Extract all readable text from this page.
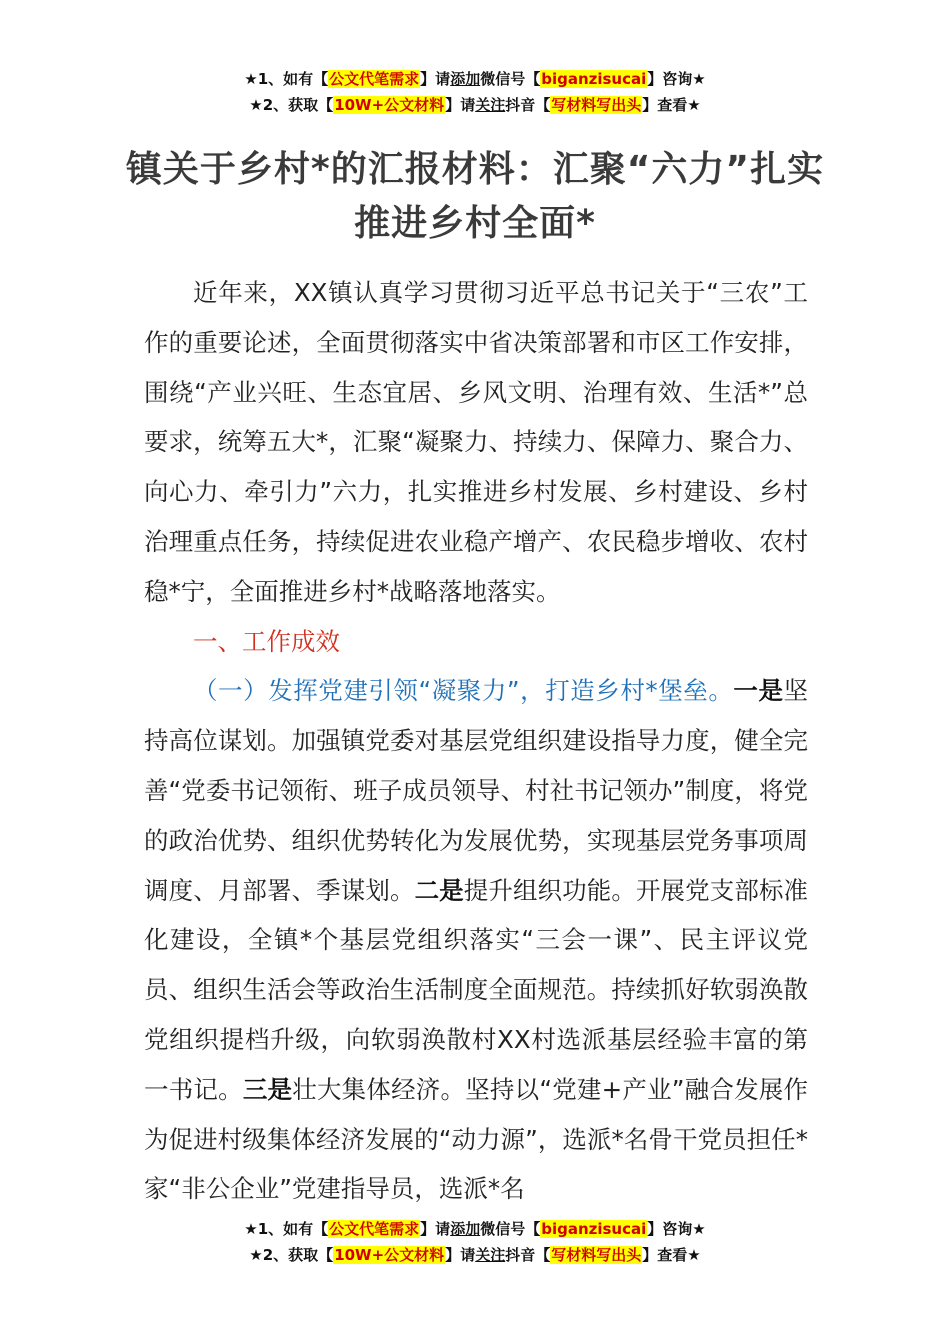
★1、如有【公文代笔需求】请添加微信号【biganzisucai】咨询★
★2、获取【10W+公文材料】请关注抖音【写材料写出头】查看★
镇关于乡村*的汇报材料：汇聚“六力”扎实推进乡村全面*

近年来，XX镇认真学习贯彻习近平总书记关于“三农”工作的重要论述，全面贯彻落实中省决策部署和市区工作安排，围绕“产业兴旺、生态宜居、乡风文明、治理有效、生活*”总要求，统筹五大*，汇聚“凝聚力、持续力、保障力、聚合力、向心力、牵引力”六力，扎实推进乡村发展、乡村建设、乡村治理重点任务，持续促进农业稳产增产、农民稳步增收、农村稳*宁，全面推进乡村*战略落地落实。

一、工作成效

（一）发挥党建引领“凝聚力”，打造乡村*堡垒。一是坚持高位谋划。加强镇党委对基层党组织建设指导力度，健全完善“党委书记领衔、班子成员领导、村社书记领办”制度，将党的政治优势、组织优势转化为发展优势，实现基层党务事项周调度、月部署、季谋划。二是提升组织功能。开展党支部标准化建设，全镇*个基层党组织落实“三会一课”、民主评议党员、组织生活会等政治生活制度全面规范。持续抓好软弱涣散党组织提档升级，向软弱涣散村XX村选派基层经验丰富的第一书记。三是壮大集体经济。坚持以“党建+产业”融合发展作为促进村级集体经济发展的“动力源”，选派*名骨干党员担任*家“非公企业”党建指导员，选派*名

★1、如有【公文代笔需求】请添加微信号【biganzisucai】咨询★
★2、获取【10W+公文材料】请关注抖音【写材料写出头】查看★
